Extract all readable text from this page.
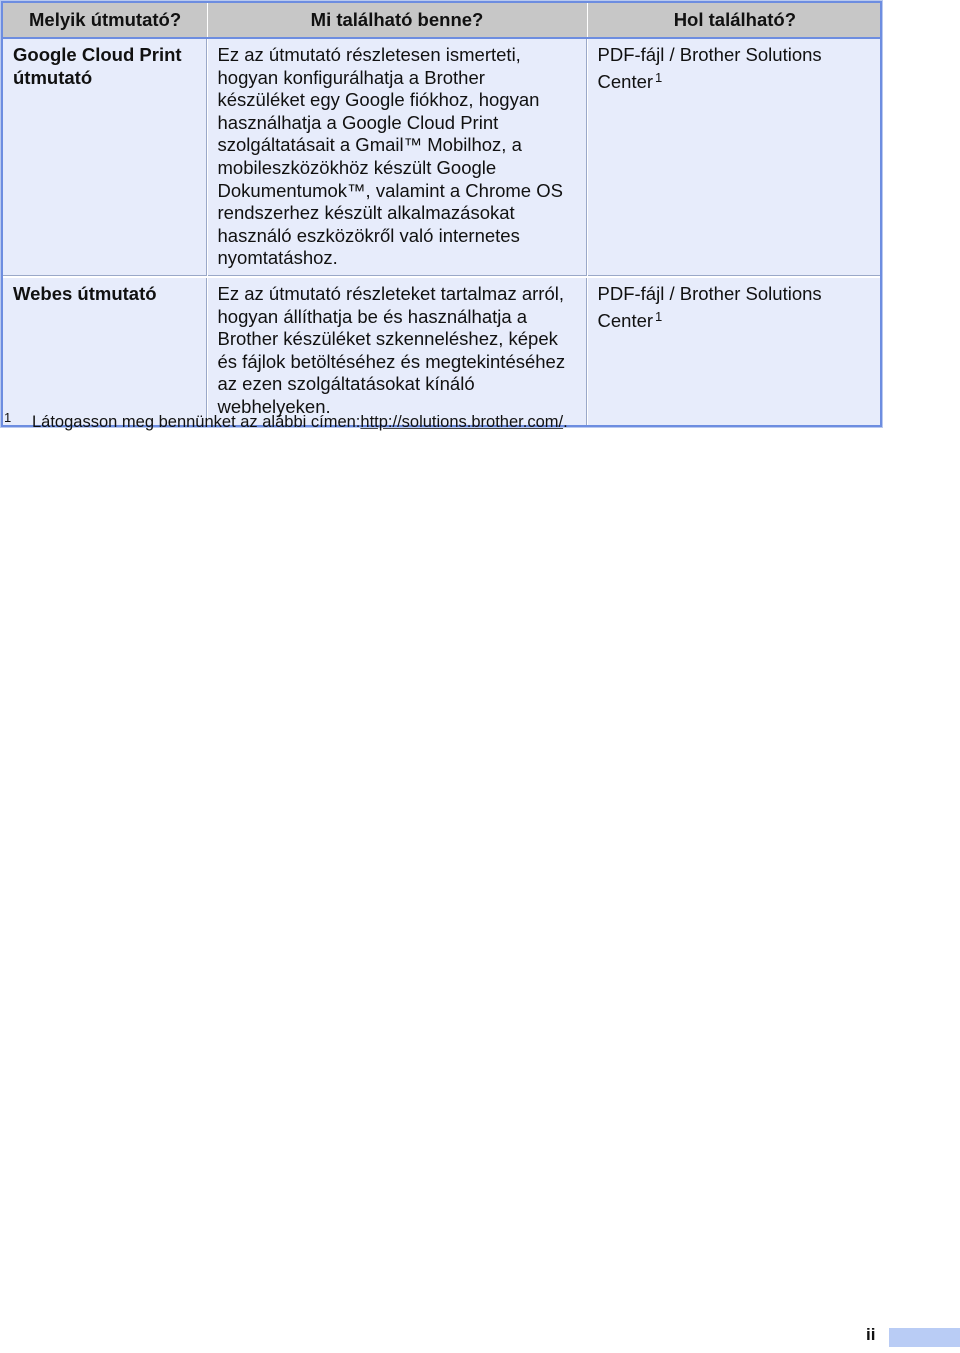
Melyik útmutató?	Mi található benne?	Hol található?
Google Cloud Print útmutató	Ez az útmutató részletesen ismerteti, hogyan konfigurálhatja a Brother készüléket egy Google fiókhoz, hogyan használhatja a Google Cloud Print szolgáltatásait a Gmail™ Mobilhoz, a mobileszközökhöz készült Google Dokumentumok™, valamint a Chrome OS rendszerhez készült alkalmazásokat használó eszközökről való internetes nyomtatáshoz.	PDF-fájl / Brother Solutions Center $^1$
Webes útmutató	Ez az útmutató részleteket tartalmaz arról, hogyan állíthatja be és használhatja a Brother készüléket szkenneléshez, képek és fájlok betöltéséhez és megtekintéséhez az ezen szolgáltatásokat kínáló webhelyeken.	PDF-fájl / Brother Solutions Center $^1$
1 Látogasson meg bennünket az alábbi címen:http://solutions.brother.com/.
ii
